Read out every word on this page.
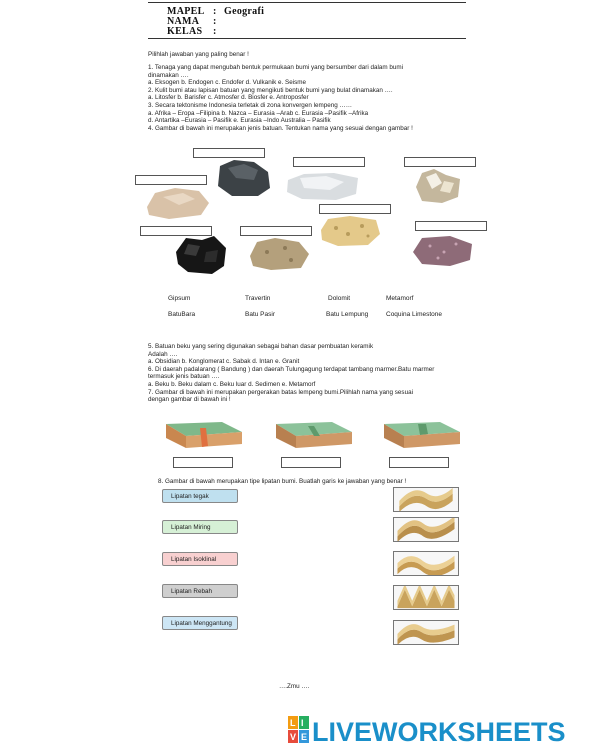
MAPEL : Geografi
NAMA :
KELAS :
Pilihlah jawaban yang paling benar !
1. Tenaga yang dapat mengubah bentuk permukaan bumi yang bersumber dari dalam bumi
dinamakan ….
a. Eksogen b. Endogen c. Endofer d. Vulkanik e. Seisme
2. Kulit bumi atau lapisan batuan yang mengikuti bentuk bumi yang bulat dinamakan ….
a. Litosfer b. Barisfer c. Atmosfer d. Biosfer e. Antroposfer
3. Secara tektonisme Indonesia terletak di zona konvergen lempeng ……
a. Afrika – Eropa –Filipina b. Nazca – Eurasia –Arab c. Eurasia –Pasifik –Afrika
d. Antartika –Eurasia – Pasifik e. Eurasia –Indo Australia – Pasifik
4. Gambar di bawah ini merupakan jenis batuan. Tentukan nama yang sesuai dengan gambar !
Gipsum	Travertin	Dolomit	Metamorf
BatuBara	Batu Pasir	Batu Lempung	Coquina Limestone
5. Batuan beku yang sering digunakan sebagai bahan dasar pembuatan keramik
Adalah ….
a. Obsidian b. Konglomerat c. Sabak d. Intan e. Granit
6. Di daerah padalarang ( Bandung ) dan daerah Tulungagung terdapat tambang marmer.Batu marmer
termasuk jenis batuan ….
a. Beku b. Beku dalam c. Beku luar d. Sedimen e. Metamorf
7. Gambar di bawah ini merupakan pergerakan batas lempeng bumi.Pilihlah nama yang sesuai
dengan gambar di bawah ini !
8. Gambar di bawah merupakan tipe lipatan bumi. Buatlah garis ke jawaban yang benar !
Lipatan tegak
Lipatan Miring
Lipatan Isoklinal
Lipatan Rebah
Lipatan Menggantung
….Zmu ….
L I
V E LIVEWORKSHEETS
